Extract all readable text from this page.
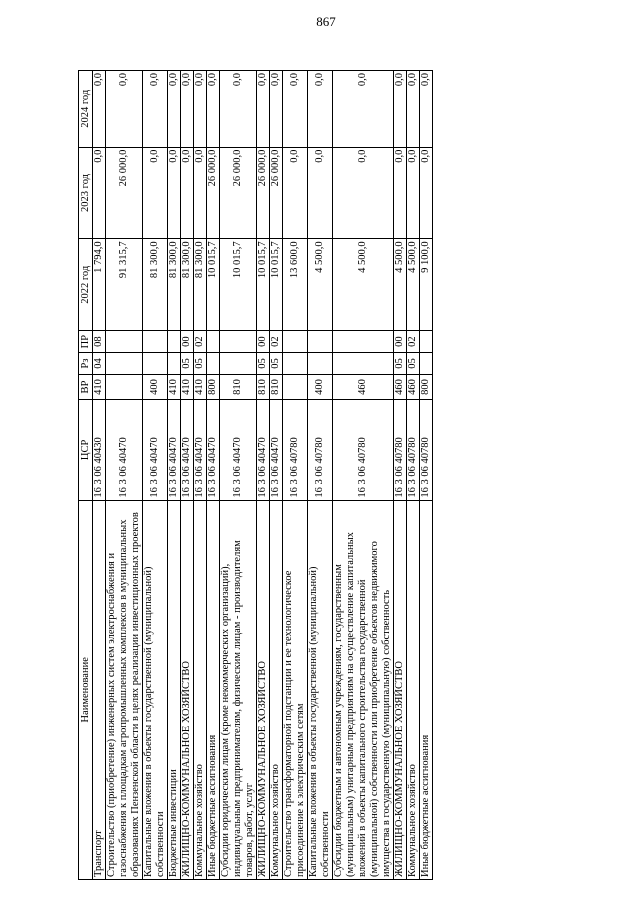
867
Наименование	ЦСР	ВР	Рз	ПР	2022 год	2023 год	2024 год
Транспорт	16 3 06 40430	410	04	08	1 794,0	0,0	0,0
Строительство (приобретение) инженерных систем электроснабжения и газоснабжения к площадкам агропромышленных комплексов в муниципальных образованиях Пензенской области в целях реализации инвестиционных проектов	16 3 06 40470				91 315,7	26 000,0	0,0
Капитальные вложения в объекты государственной (муниципальной) собственности	16 3 06 40470	400			81 300,0	0,0	0,0
Бюджетные инвестиции	16 3 06 40470	410			81 300,0	0,0	0,0
ЖИЛИЩНО-КОММУНАЛЬНОЕ ХОЗЯЙСТВО	16 3 06 40470	410	05	00	81 300,0	0,0	0,0
Коммунальное хозяйство	16 3 06 40470	410	05	02	81 300,0	0,0	0,0
Иные бюджетные ассигнования	16 3 06 40470	800			10 015,7	26 000,0	0,0
Субсидии юридическим лицам (кроме некоммерческих организаций), индивидуальным предпринимателям, физическим лицам - производителям товаров, работ, услуг	16 3 06 40470	810			10 015,7	26 000,0	0,0
ЖИЛИЩНО-КОММУНАЛЬНОЕ ХОЗЯЙСТВО	16 3 06 40470	810	05	00	10 015,7	26 000,0	0,0
Коммунальное хозяйство	16 3 06 40470	810	05	02	10 015,7	26 000,0	0,0
Строительство трансформаторной подстанции и ее технологическое присоединение к электрическим сетям	16 3 06 40780				13 600,0	0,0	0,0
Капитальные вложения в объекты государственной (муниципальной) собственности	16 3 06 40780	400			4 500,0	0,0	0,0
Субсидии бюджетным и автономным учреждениям, государственным (муниципальным) унитарным предприятиям на осуществление капитальных вложений в объекты капитального строительства государственной (муниципальной) собственности или приобретение объектов недвижимого имущества в государственную (муниципальную) собственность	16 3 06 40780	460			4 500,0	0,0	0,0
ЖИЛИЩНО-КОММУНАЛЬНОЕ ХОЗЯЙСТВО	16 3 06 40780	460	05	00	4 500,0	0,0	0,0
Коммунальное хозяйство	16 3 06 40780	460	05	02	4 500,0	0,0	0,0
Иные бюджетные ассигнования	16 3 06 40780	800			9 100,0	0,0	0,0
